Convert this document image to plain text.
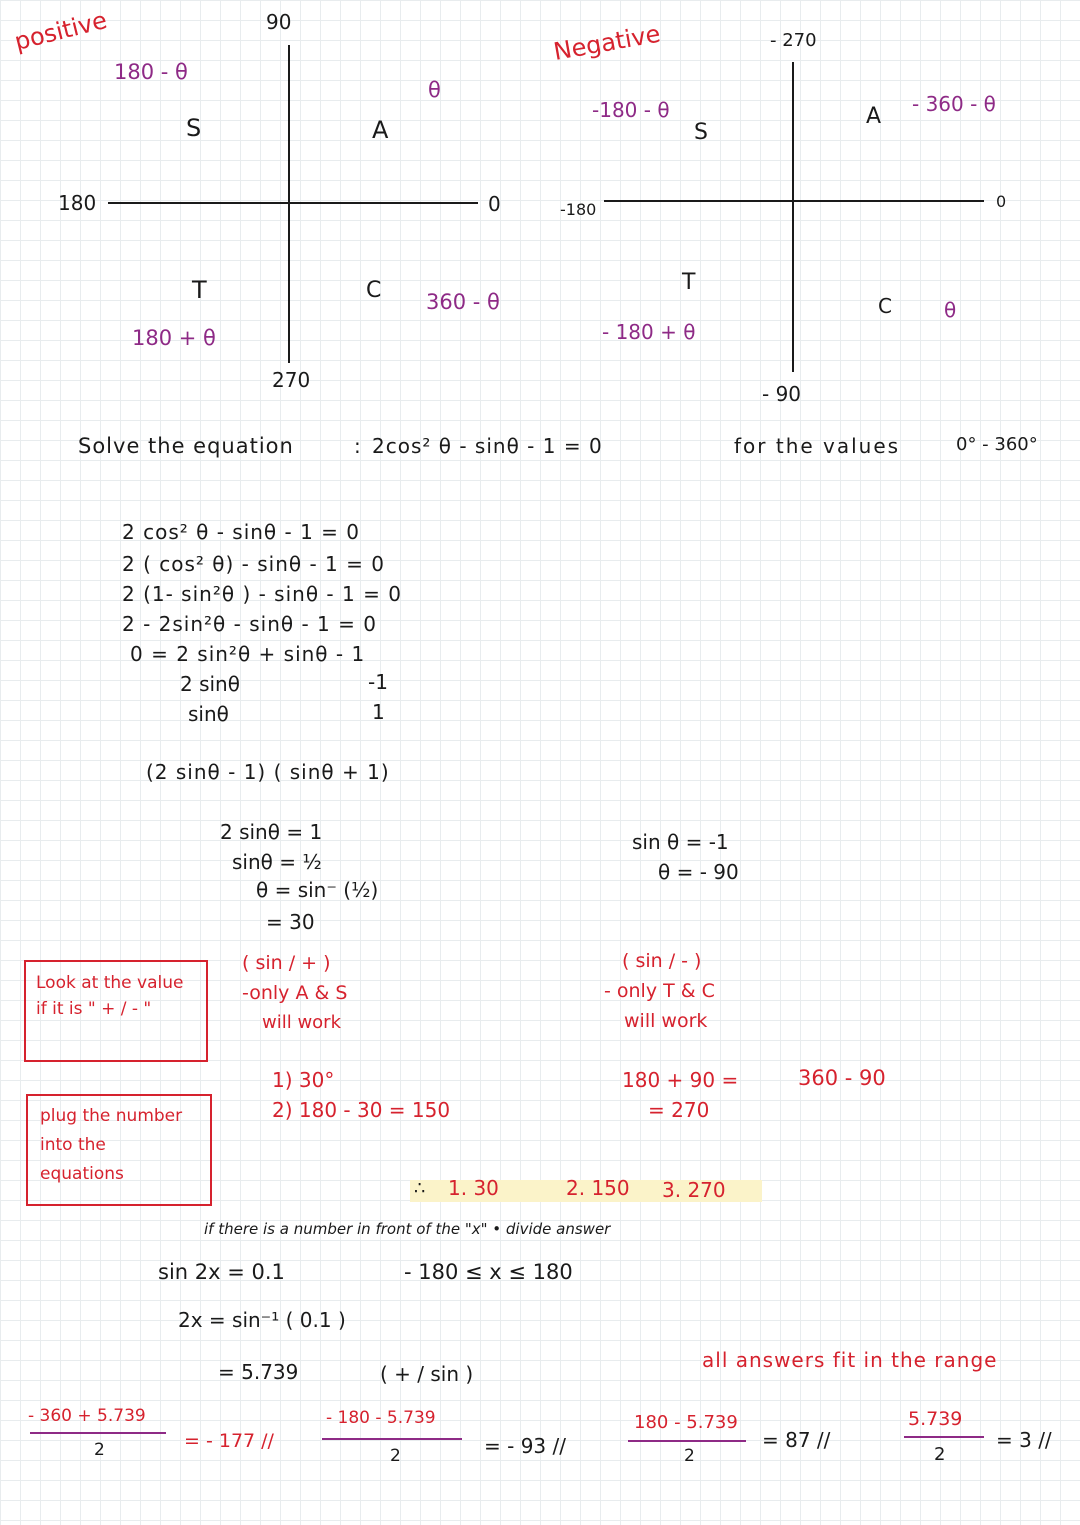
positive	90
180	0
270
180 - θ
θ
180 + θ
360 - θ
S	A
T	C
Negative	- 270
-180	0
- 90
-180 - θ	- 360 - θ
- 180 + θ
θ
S
A
T
C
Solve the equation	: 2cos² θ - sinθ - 1 = 0	for the values	0° - 360°
2 cos² θ - sinθ - 1 = 0
2 ( cos² θ) - sinθ - 1 = 0
2 (1- sin²θ ) - sinθ - 1 = 0
2 - 2sin²θ - sinθ - 1 = 0
0 = 2 sin²θ + sinθ - 1
2 sinθ	-1
sinθ	1
(2 sinθ - 1) ( sinθ + 1)
2 sinθ = 1
sinθ = ½
θ = sin⁻ (½)
= 30
( sin / + )
-only A & S
will work
1) 30°
2) 180 - 30 = 150
sin θ = -1
θ = - 90
( sin / - )
- only T & C
will work
180 + 90 =	360 - 90
= 270
Look at the value if it is " + / - "
plug the number into the equations
∴ 1. 30	2. 150 3. 270
if there is a number in front of the "x" • divide answer
sin 2x = 0.1	- 180 ≤ x ≤ 180
2x = sin⁻¹ ( 0.1 )
= 5.739	( + / sin )
all answers fit in the range
- 360 + 5.739
2	= - 177 //
- 180 - 5.739
2	= - 93 //
180 - 5.739
2
= 87 //
5.739
2
= 3 //
